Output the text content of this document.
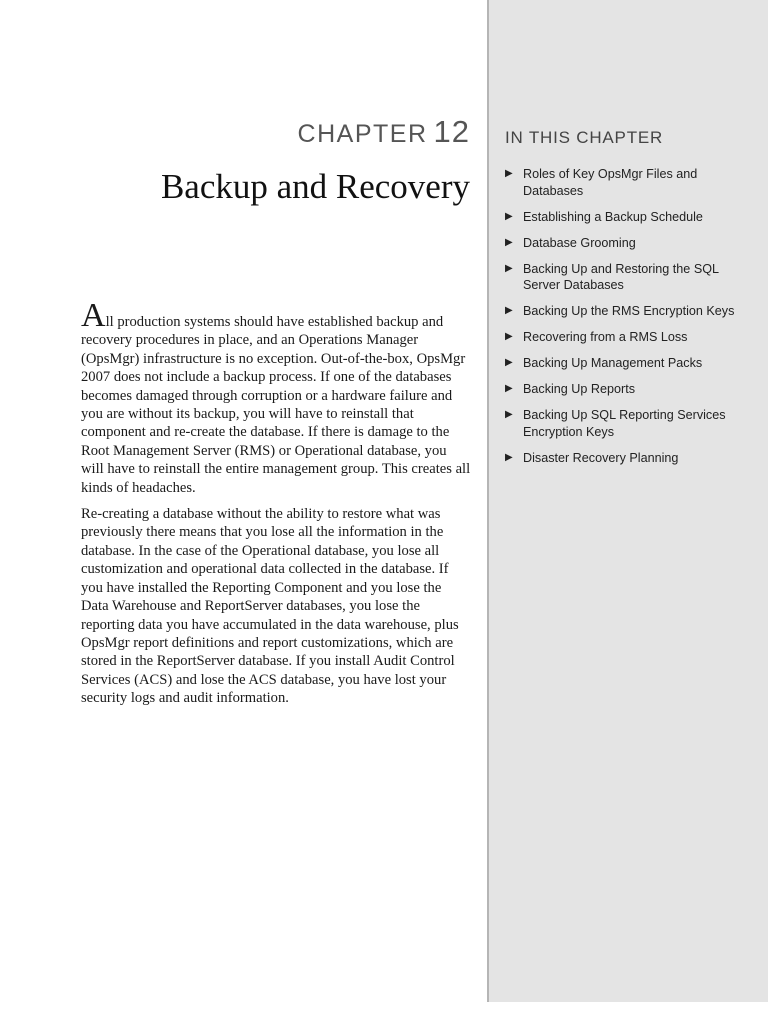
CHAPTER 12
Backup and Recovery

All production systems should have established backup and recovery procedures in place, and an Operations Manager (OpsMgr) infrastructure is no exception. Out-of-the-box, OpsMgr 2007 does not include a backup process. If one of the databases becomes damaged through corruption or a hardware failure and you are without its backup, you will have to reinstall that component and re-create the database. If there is damage to the Root Management Server (RMS) or Operational database, you will have to reinstall the entire management group. This creates all kinds of headaches.

Re-creating a database without the ability to restore what was previously there means that you lose all the information in the database. In the case of the Operational database, you lose all customization and operational data collected in the database. If you have installed the Reporting Component and you lose the Data Warehouse and ReportServer databases, you lose the reporting data you have accumulated in the data warehouse, plus OpsMgr report definitions and report customizations, which are stored in the ReportServer database. If you install Audit Control Services (ACS) and lose the ACS database, you have lost your security logs and audit information.

IN THIS CHAPTER
▶ Roles of Key OpsMgr Files and Databases
▶ Establishing a Backup Schedule
▶ Database Grooming
▶ Backing Up and Restoring the SQL Server Databases
▶ Backing Up the RMS Encryption Keys
▶ Recovering from a RMS Loss
▶ Backing Up Management Packs
▶ Backing Up Reports
▶ Backing Up SQL Reporting Services Encryption Keys
▶ Disaster Recovery Planning
